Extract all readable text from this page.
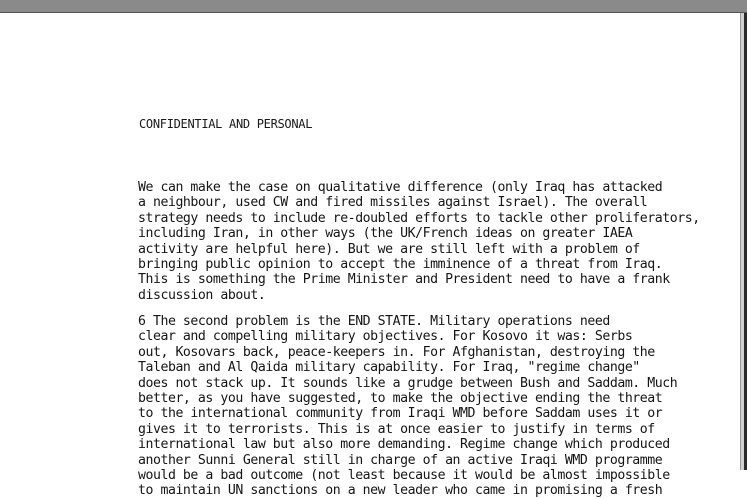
CONFIDENTIAL AND PERSONAL
We can make the case on qualitative difference (only Iraq has attacked
a neighbour, used CW and fired missiles against Israel). The overall
strategy needs to include re-doubled efforts to tackle other proliferators,
including Iran, in other ways (the UK/French ideas on greater IAEA
activity are helpful here). But we are still left with a problem of
bringing public opinion to accept the imminence of a threat from Iraq.
This is something the Prime Minister and President need to have a frank
discussion about.
6 The second problem is the END STATE. Military operations need
clear and compelling military objectives. For Kosovo it was: Serbs
out, Kosovars back, peace-keepers in. For Afghanistan, destroying the
Taleban and Al Qaida military capability. For Iraq, "regime change"
does not stack up. It sounds like a grudge between Bush and Saddam. Much
better, as you have suggested, to make the objective ending the threat
to the international community from Iraqi WMD before Saddam uses it or
gives it to terrorists. This is at once easier to justify in terms of
international law but also more demanding. Regime change which produced
another Sunni General still in charge of an active Iraqi WMD programme
would be a bad outcome (not least because it would be almost impossible
to maintain UN sanctions on a new leader who came in promising a fresh
